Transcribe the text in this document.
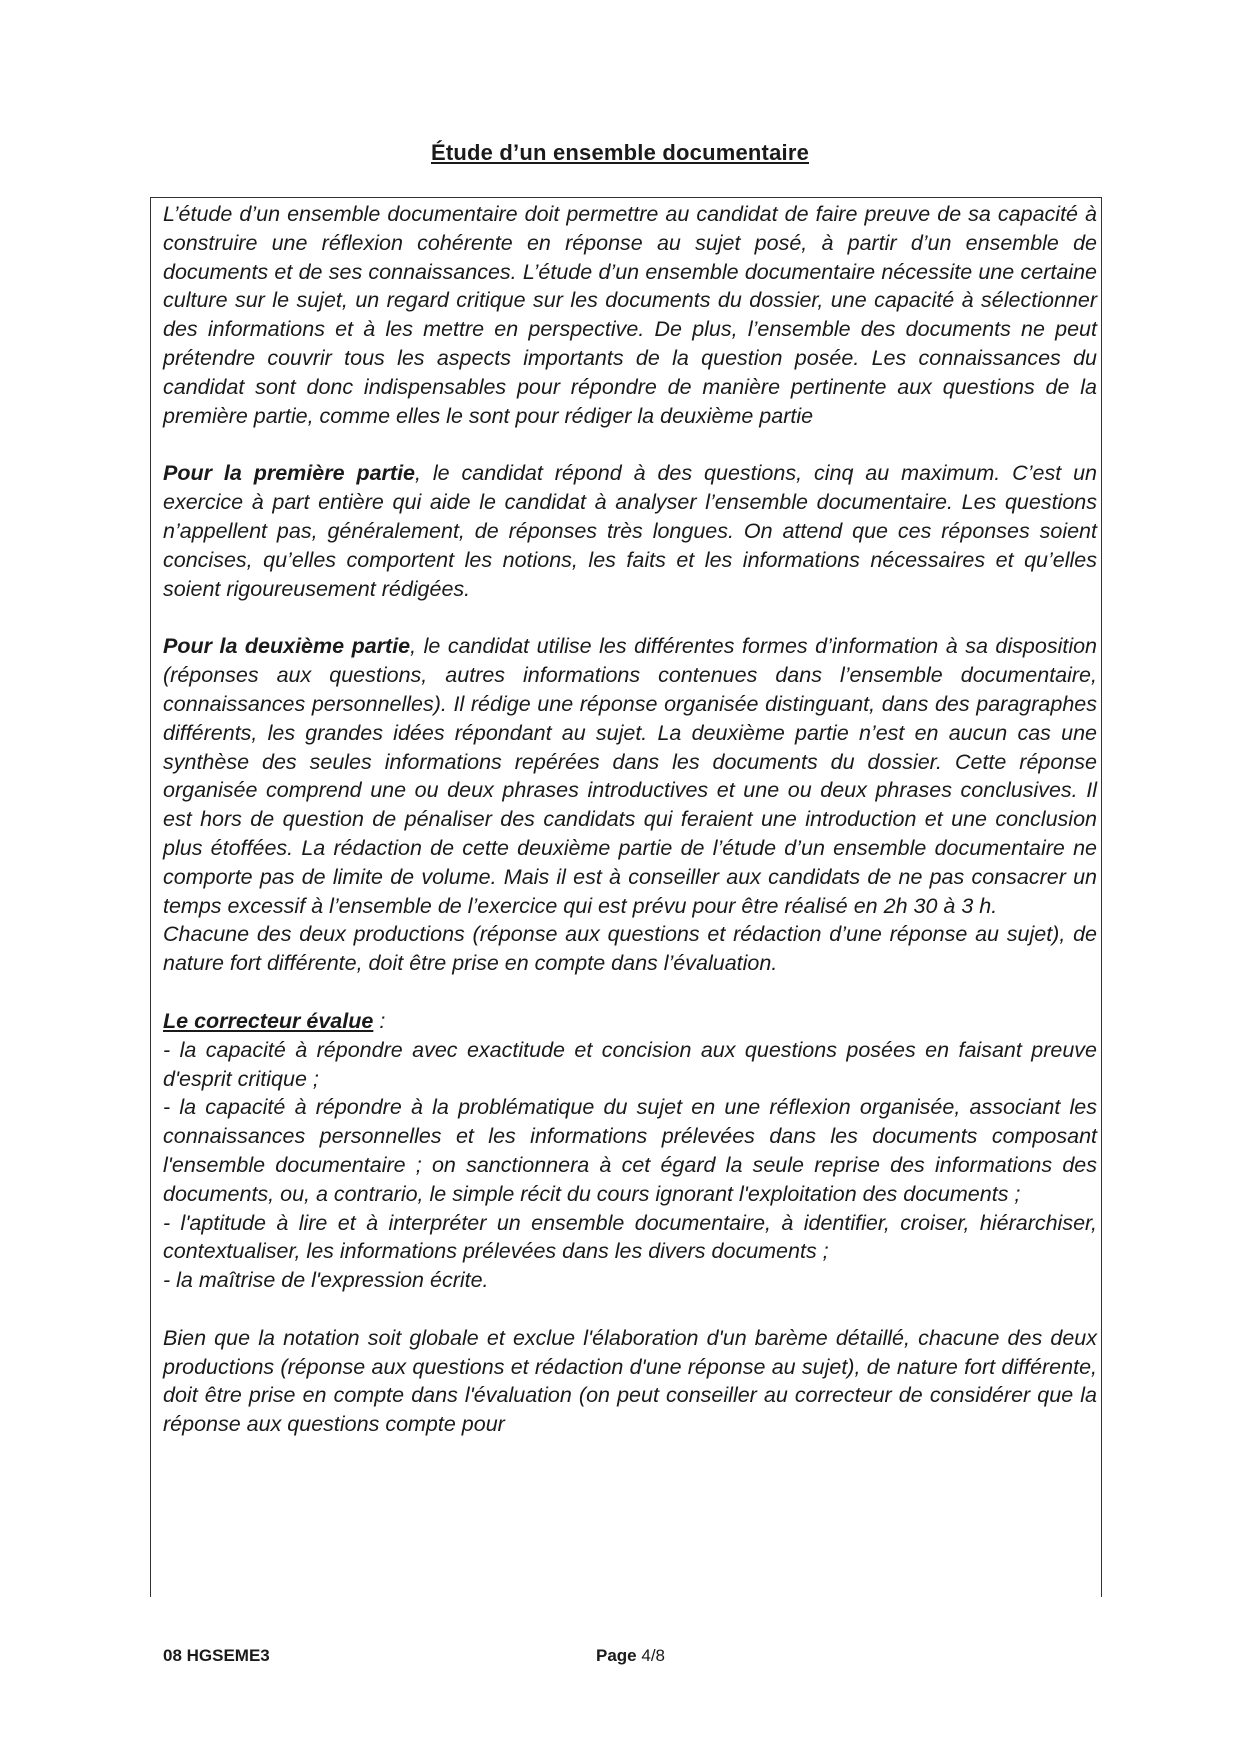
Étude d’un ensemble documentaire

L’étude d’un ensemble documentaire doit permettre au candidat de faire preuve de sa capacité à construire une réflexion cohérente en réponse au sujet posé, à partir d’un ensemble de documents et de ses connaissances. L’étude d’un ensemble documentaire nécessite une certaine culture sur le sujet, un regard critique sur les documents du dossier, une capacité à sélectionner des informations et à les mettre en perspective. De plus, l’ensemble des documents ne peut prétendre couvrir tous les aspects importants de la question posée. Les connaissances du candidat sont donc indispensables pour répondre de manière pertinente aux questions de la première partie, comme elles le sont pour rédiger la deuxième partie

Pour la première partie, le candidat répond à des questions, cinq au maximum. C’est un exercice à part entière qui aide le candidat à analyser l’ensemble documentaire. Les questions n’appellent pas, généralement, de réponses très longues. On attend que ces réponses soient concises, qu’elles comportent les notions, les faits et les informations nécessaires et qu’elles soient rigoureusement rédigées.

Pour la deuxième partie, le candidat utilise les différentes formes d’information à sa disposition (réponses aux questions, autres informations contenues dans l’ensemble documentaire, connaissances personnelles). Il rédige une réponse organisée distinguant, dans des paragraphes différents, les grandes idées répondant au sujet. La deuxième partie n’est en aucun cas une synthèse des seules informations repérées dans les documents du dossier. Cette réponse organisée comprend une ou deux phrases introductives et une ou deux phrases conclusives. Il est hors de question de pénaliser des candidats qui feraient une introduction et une conclusion plus étoffées. La rédaction de cette deuxième partie de l’étude d’un ensemble documentaire ne comporte pas de limite de volume. Mais il est à conseiller aux candidats de ne pas consacrer un temps excessif à l’ensemble de l’exercice qui est prévu pour être réalisé en 2h 30 à 3 h.

Chacune des deux productions (réponse aux questions et rédaction d’une réponse au sujet), de nature fort différente, doit être prise en compte dans l’évaluation.

Le correcteur évalue :

- la capacité à répondre avec exactitude et concision aux questions posées en faisant preuve d'esprit critique ;

- la capacité à répondre à la problématique du sujet en une réflexion organisée, associant les connaissances personnelles et les informations prélevées dans les documents composant l'ensemble documentaire ; on sanctionnera à cet égard la seule reprise des informations des documents, ou, a contrario, le simple récit du cours ignorant l'exploitation des documents ;

- l'aptitude à lire et à interpréter un ensemble documentaire, à identifier, croiser, hiérarchiser, contextualiser, les informations prélevées dans les divers documents ;

- la maîtrise de l'expression écrite.

Bien que la notation soit globale et exclue l'élaboration d'un barème détaillé, chacune des deux productions (réponse aux questions et rédaction d'une réponse au sujet), de nature fort différente, doit être prise en compte dans l'évaluation (on peut conseiller au correcteur de considérer que la réponse aux questions compte pour

08 HGSEME3	Page 4/8
